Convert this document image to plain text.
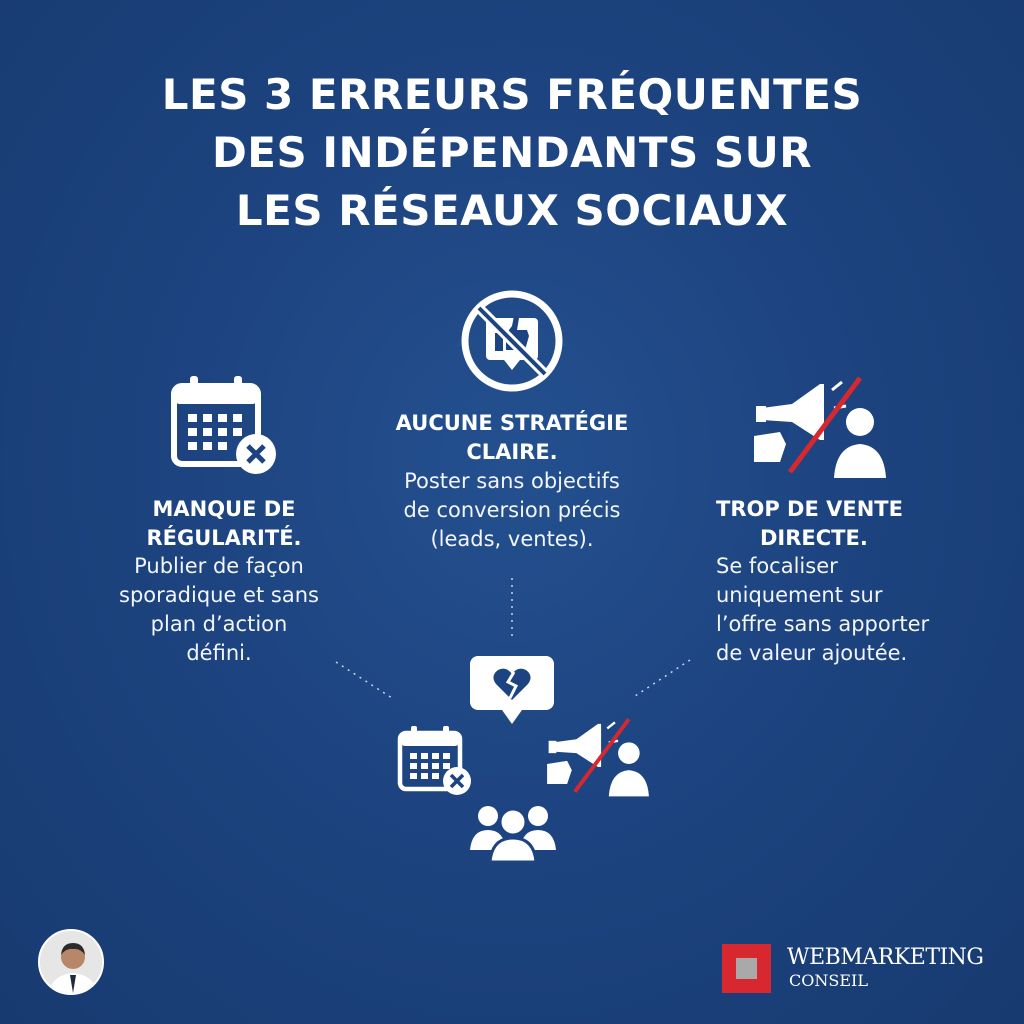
LES 3 ERREURS FRÉQUENTES
DES INDÉPENDANTS SUR
LES RÉSEAUX SOCIAUX
MANQUE DE
RÉGULARITÉ.
Publier de façon
sporadique et sans
plan d’action
défini.
AUCUNE STRATÉGIE
CLAIRE.
Poster sans objectifs
de conversion précis
(leads, ventes).
TROP DE VENTE
DIRECTE.
Se focaliser
uniquement sur
l’offre sans apporter
de valeur ajoutée.
WEBMARKETING
CONSEIL
